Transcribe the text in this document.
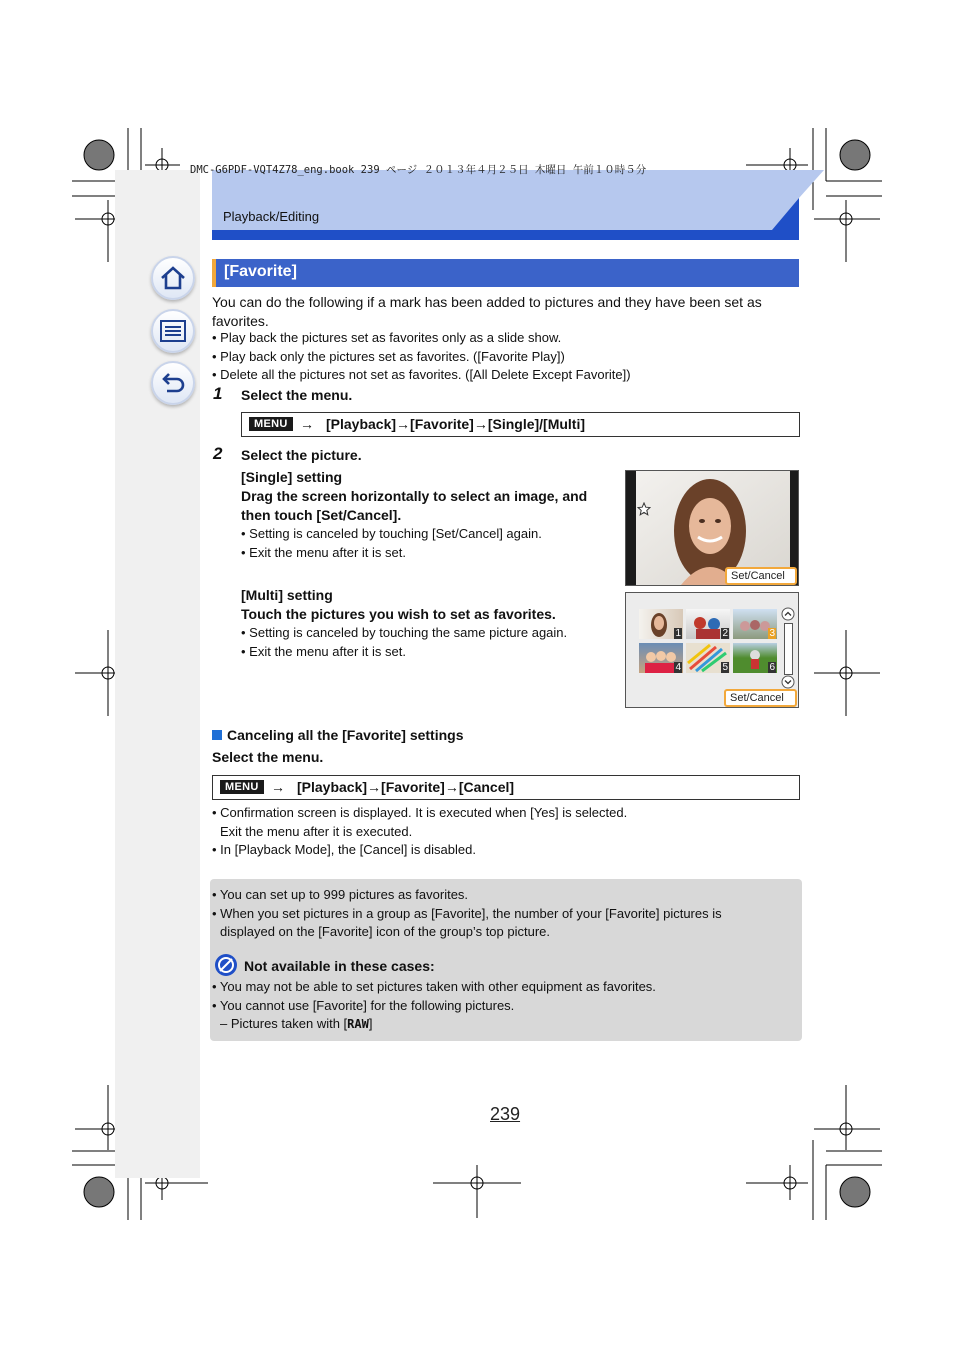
DMC-G6PDF-VQT4Z78_eng.book 239 ページ ２０１３年４月２５日 木曜日 午前１０時５分
Playback/Editing
[Favorite]
You can do the following if a mark has been added to pictures and they have been set as favorites.
• Play back the pictures set as favorites only as a slide show.
• Play back only the pictures set as favorites. ([Favorite Play])
• Delete all the pictures not set as favorites. ([All Delete Except Favorite])
1 Select the menu.
MENU → [Playback]→[Favorite]→[Single]/[Multi]
2 Select the picture.
[Single] setting
Drag the screen horizontally to select an image, and then touch [Set/Cancel].
• Setting is canceled by touching [Set/Cancel] again.
• Exit the menu after it is set.
[Multi] setting
Touch the pictures you wish to set as favorites.
• Setting is canceled by touching the same picture again.
• Exit the menu after it is set.
Set/Cancel
1	2	3
4	5	6
Set/Cancel
Canceling all the [Favorite] settings
Select the menu.
MENU → [Playback]→[Favorite]→[Cancel]
• Confirmation screen is displayed. It is executed when [Yes] is selected.
Exit the menu after it is executed.
• In [Playback Mode], the [Cancel] is disabled.
• You can set up to 999 pictures as favorites.
• When you set pictures in a group as [Favorite], the number of your [Favorite] pictures is
displayed on the [Favorite] icon of the group’s top picture.
Not available in these cases:
• You may not be able to set pictures taken with other equipment as favorites.
• You cannot use [Favorite] for the following pictures.
– Pictures taken with [RAW]
239
